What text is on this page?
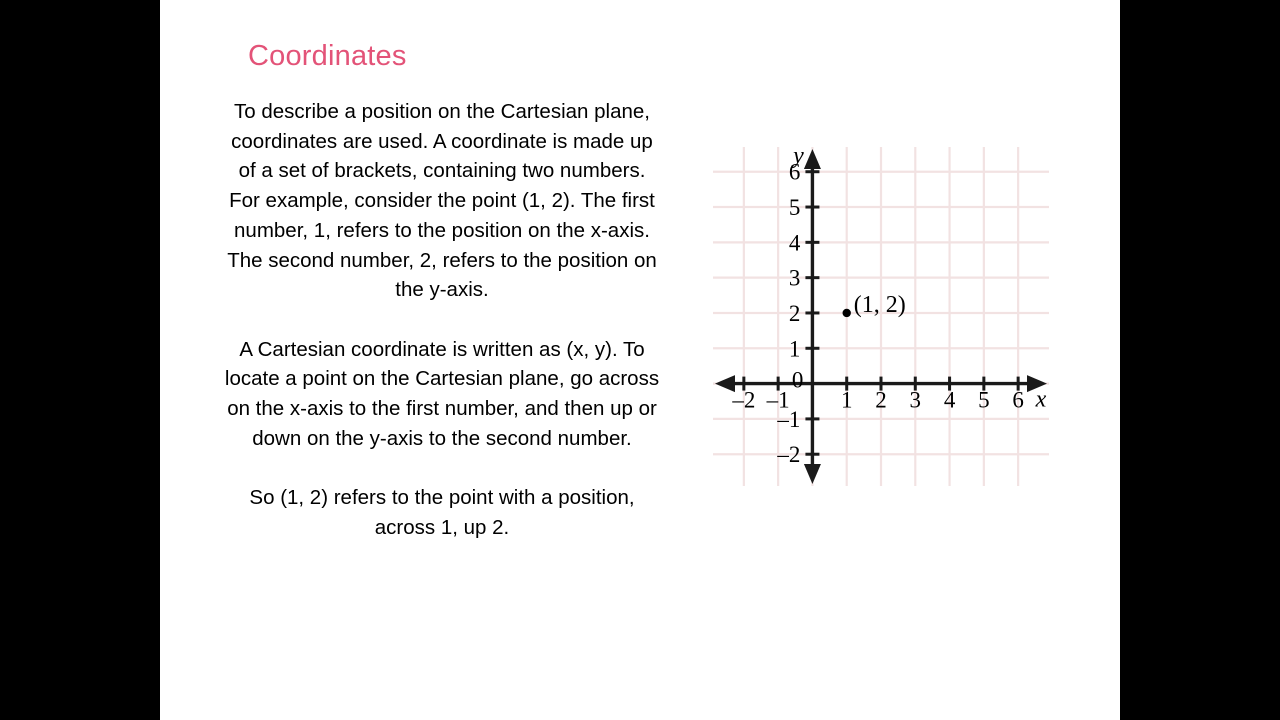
Coordinates

To describe a position on the Cartesian plane, coordinates are used. A coordinate is made up of a set of brackets, containing two numbers. For example, consider the point (1, 2). The first number, 1, refers to the position on the x-axis. The second number, 2, refers to the position on the y-axis.

A Cartesian coordinate is written as (x, y). To locate a point on the Cartesian plane, go across on the x-axis to the first number, and then up or down on the y-axis to the second number.

So (1, 2) refers to the point with a position, across 1, up 2.

–2 –1
0
1 2 3 4 5 6
–2
–1
1
2
3
4
5
6
(1, 2)
x
y
